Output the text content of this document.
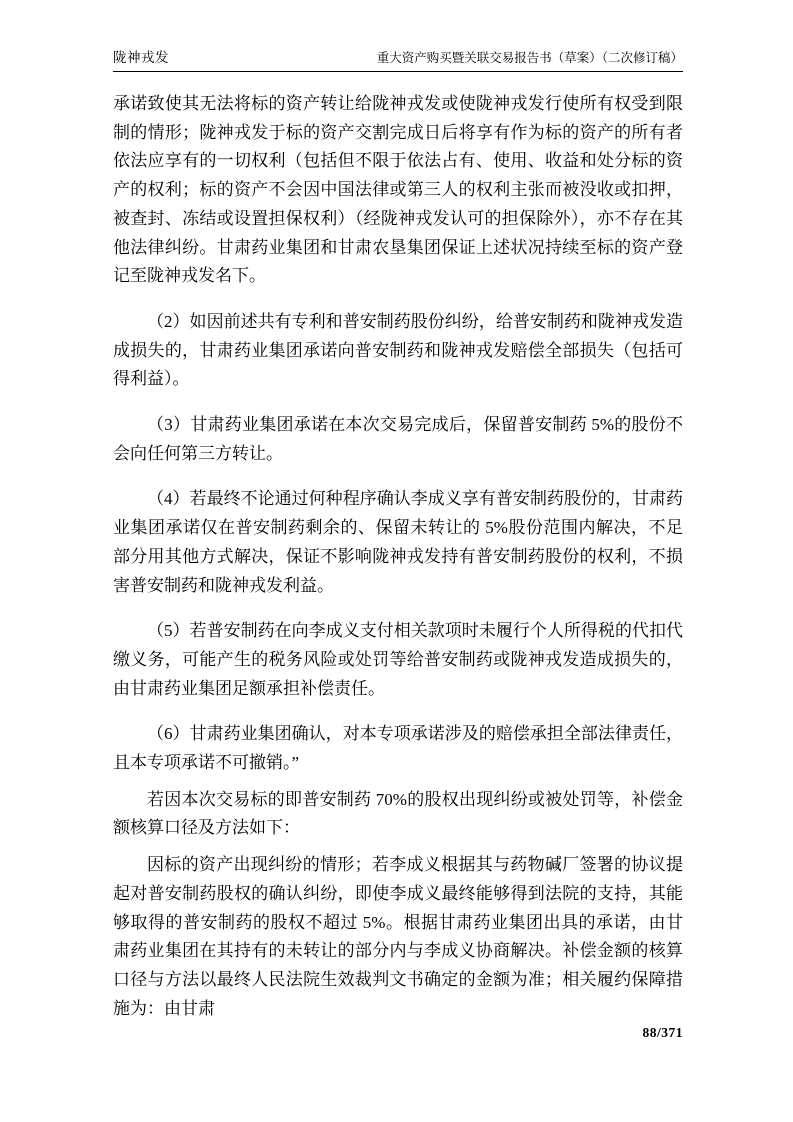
陇神戎发	重大资产购买暨关联交易报告书（草案）（二次修订稿）

承诺致使其无法将标的资产转让给陇神戎发或使陇神戎发行使所有权受到限制的情形；陇神戎发于标的资产交割完成日后将享有作为标的资产的所有者依法应享有的一切权利（包括但不限于依法占有、使用、收益和处分标的资产的权利；标的资产不会因中国法律或第三人的权利主张而被没收或扣押，被查封、冻结或设置担保权利）（经陇神戎发认可的担保除外），亦不存在其他法律纠纷。甘肃药业集团和甘肃农垦集团保证上述状况持续至标的资产登记至陇神戎发名下。

（2）如因前述共有专利和普安制药股份纠纷，给普安制药和陇神戎发造成损失的，甘肃药业集团承诺向普安制药和陇神戎发赔偿全部损失（包括可得利益）。

（3）甘肃药业集团承诺在本次交易完成后，保留普安制药 5%的股份不会向任何第三方转让。

（4）若最终不论通过何种程序确认李成义享有普安制药股份的，甘肃药业集团承诺仅在普安制药剩余的、保留未转让的 5%股份范围内解决，不足部分用其他方式解决，保证不影响陇神戎发持有普安制药股份的权利，不损害普安制药和陇神戎发利益。

（5）若普安制药在向李成义支付相关款项时未履行个人所得税的代扣代缴义务，可能产生的税务风险或处罚等给普安制药或陇神戎发造成损失的，由甘肃药业集团足额承担补偿责任。

（6）甘肃药业集团确认，对本专项承诺涉及的赔偿承担全部法律责任，且本专项承诺不可撤销。”

若因本次交易标的即普安制药 70%的股权出现纠纷或被处罚等，补偿金额核算口径及方法如下：

因标的资产出现纠纷的情形；若李成义根据其与药物碱厂签署的协议提起对普安制药股权的确认纠纷，即使李成义最终能够得到法院的支持，其能够取得的普安制药的股权不超过 5%。根据甘肃药业集团出具的承诺，由甘肃药业集团在其持有的未转让的部分内与李成义协商解决。补偿金额的核算口径与方法以最终人民法院生效裁判文书确定的金额为准；相关履约保障措施为：由甘肃

88/371
